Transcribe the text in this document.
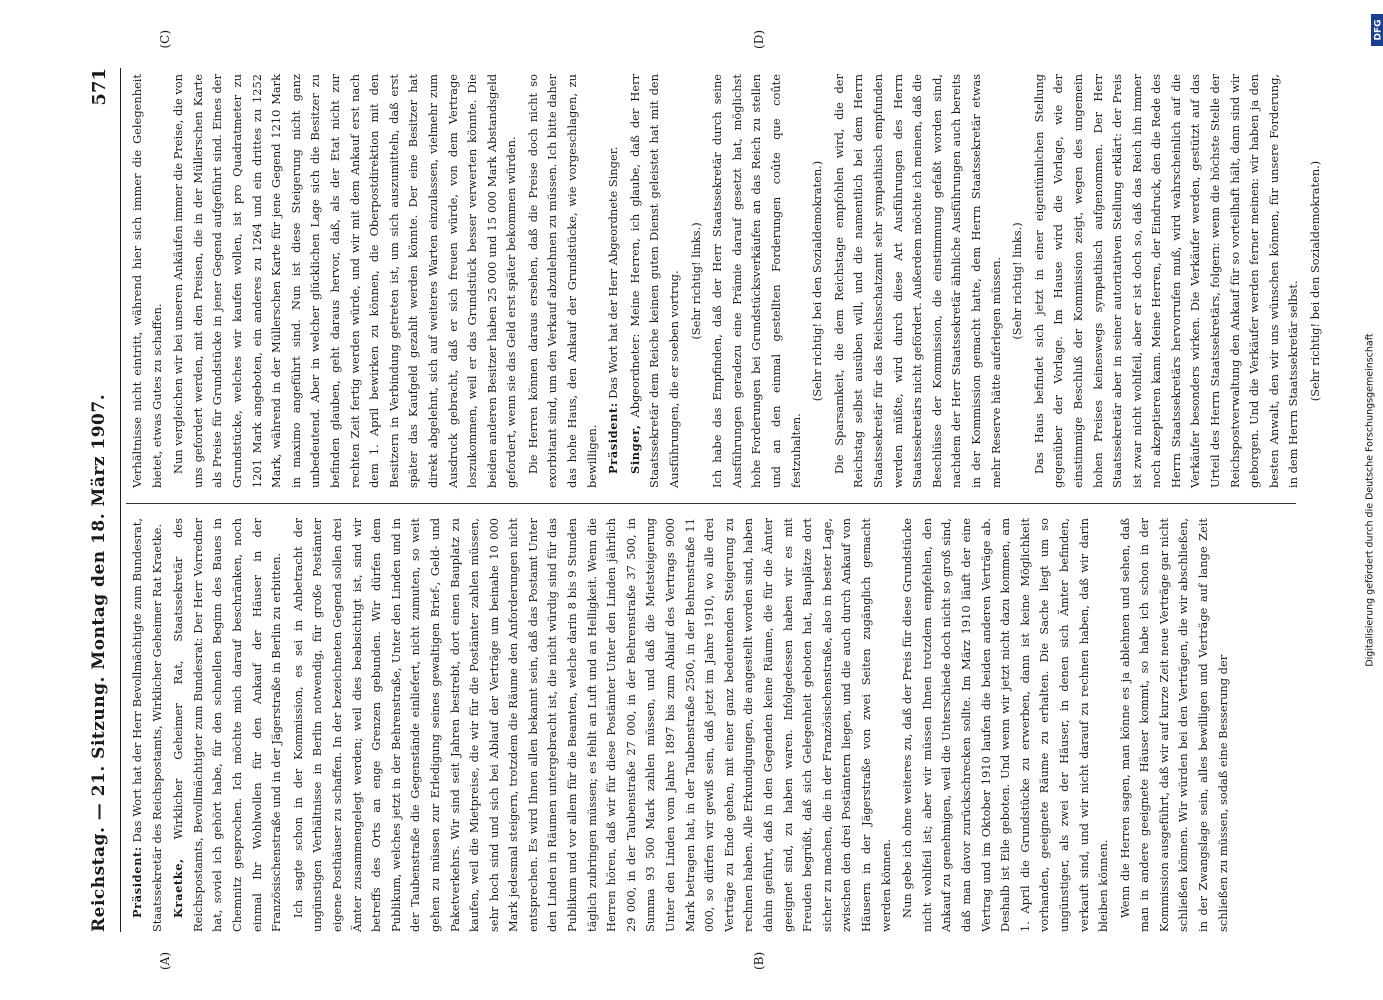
Reichstag. — 21. Sitzung. Montag den 18. März 1907.
571
(A)	(B)
(C)	(D)

Präsident: Das Wort hat der Herr Bevollmächtigte zum Bundesrat, Staatssekretär des Reichspostamts, Wirklicher Geheimer Rat Kraetke. Kraetke, Wirklicher Geheimer Rat, Staatssekretär des Reichspostamts, Bevollmächtigter zum Bundesrat: Der Herr Vorredner hat, soviel ich gehört habe, für den schnellen Beginn des Baues in Chemnitz gesprochen. Ich möchte mich darauf beschränken, noch einmal Ihr Wohlwollen für den Ankauf der Häuser in der Französischenstraße und in der Jägerstraße in Berlin zu erbitten. Ich sagte schon in der Kommission, es sei in Anbetracht der ungünstigen Verhältnisse in Berlin notwendig, für große Postämter eigene Posthäuser zu schaffen. In der bezeichneten Gegend sollen drei Ämter zusammengelegt werden; weil dies beabsichtigt ist, sind wir betreffs des Orts an enge Grenzen gebunden. Wir dürfen dem Publikum, welches jetzt in der Behrenstraße, Unter den Linden und in der Taubenstraße die Gegenstände einliefert, nicht zumuten, so weit gehen zu müssen zur Erledigung seines gewaltigen Brief-, Geld- und Paketverkehrs. Wir sind seit Jahren bestrebt, dort einen Bauplatz zu kaufen, weil die Mietpreise, die wir für die Postämter zahlen müssen, sehr hoch sind und sich bei Ablauf der Verträge um beinahe 10 000 Mark jedesmal steigern, trotzdem die Räume den Anforderungen nicht entsprechen. Es wird Ihnen allen bekannt sein, daß das Postamt Unter den Linden in Räumen untergebracht ist, die nicht würdig sind für das Publikum und vor allem für die Beamten, welche darin 8 bis 9 Stunden täglich zubringen müssen; es fehlt an Luft und an Helligkeit. Wenn die Herren hören, daß wir für diese Postämter Unter den Linden jährlich 29 000, in der Taubenstraße 27 000, in der Behrenstraße 37 500, in Summa 93 500 Mark zahlen müssen, und daß die Mietsteigerung Unter den Linden vom Jahre 1897 bis zum Ablauf des Vertrags 9000 Mark betragen hat, in der Taubenstraße 2500, in der Behrenstraße 11 000, so dürfen wir gewiß sein, daß jetzt im Jahre 1910, wo alle drei Verträge zu Ende gehen, mit einer ganz bedeutenden Steigerung zu rechnen haben. Alle Erkundigungen, die angestellt worden sind, haben dahin geführt, daß in den Gegenden keine Räume, die für die Ämter geeignet sind, zu haben waren. Infolgedessen haben wir es mit Freuden begrüßt, daß sich Gelegenheit geboten hat, Bauplätze dort sicher zu machen, die in der Französischenstraße, also in bester Lage, zwischen den drei Postämtern liegen, und die auch durch Ankauf von Häusern in der Jägerstraße von zwei Seiten zugänglich gemacht werden können. Nun gebe ich ohne weiteres zu, daß der Preis für diese Grundstücke nicht wohlfeil ist; aber wir müssen Ihnen trotzdem empfehlen, den Ankauf zu genehmigen, weil die Unterschiede doch nicht so groß sind, daß man davor zurückschrecken sollte. Im März 1910 läuft der eine Vertrag und im Oktober 1910 laufen die beiden anderen Verträge ab. Deshalb ist Eile geboten. Und wenn wir jetzt nicht dazu kommen, am 1. April die Grundstücke zu erwerben, dann ist keine Möglichkeit vorhanden, geeignete Räume zu erhalten. Die Sache liegt um so ungünstiger, als zwei der Häuser, in denen sich Ämter befinden, verkauft sind, und wir nicht darauf zu rechnen haben, daß wir darin bleiben können. Wenn die Herren sagen, man könne es ja ablehnen und sehen, daß man in andere geeignete Häuser kommt, so habe ich schon in der Kommission ausgeführt, daß wir auf kurze Zeit neue Verträge gar nicht schließen können. Wir würden bei den Verträgen, die wir abschließen, in der Zwangslage sein, alles bewilligen und Verträge auf lange Zeit schließen zu müssen, sodaß eine Besserung der

Verhältnisse nicht eintritt, während hier sich immer die Gelegenheit bietet, etwas Gutes zu schaffen. Nun vergleichen wir bei unseren Ankäufen immer die Preise, die von uns gefordert werden, mit den Preisen, die in der Müllerschen Karte als Preise für Grundstücke in jener Gegend aufgeführt sind. Eines der Grundstücke, welches wir kaufen wollen, ist pro Quadratmeter zu 1201 Mark angeboten, ein anderes zu 1264 und ein drittes zu 1252 Mark, während in der Müllerschen Karte für jene Gegend 1210 Mark in maximo angeführt sind. Nun ist diese Steigerung nicht ganz unbedeutend. Aber in welcher glücklichen Lage sich die Besitzer zu befinden glauben, geht daraus hervor, daß, als der Etat nicht zur rechten Zeit fertig werden würde, und wir mit dem Ankauf erst nach dem 1. April bewirken zu können, die Oberpostdirektion mit den Besitzern in Verbindung getreten ist, um sich auszumitteln, daß erst später das Kaufgeld gezahlt werden könnte. Der eine Besitzer hat direkt abgelehnt, sich auf weiteres Warten einzulassen, vielmehr zum Ausdruck gebracht, daß er sich freuen würde, von dem Vertrage loszukommen, weil er das Grundstück besser verwerten könnte. Die beiden anderen Besitzer haben 25 000 und 15 000 Mark Abstandsgeld gefordert, wenn sie das Geld erst später bekommen würden. Die Herren können daraus ersehen, daß die Preise doch nicht so exorbitant sind, um den Verkauf abzulehnen zu müssen. Ich bitte daher das hohe Haus, den Ankauf der Grundstücke, wie vorgeschlagen, zu bewilligen. Präsident: Das Wort hat der Herr Abgeordnete Singer.

Singer, Abgeordneter: Meine Herren, ich glaube, daß der Herr Staatssekretär dem Reiche keinen guten Dienst geleistet hat mit den Ausführungen, die er soeben vortrug. (Sehr richtig! links.) Ich habe das Empfinden, daß der Herr Staatssekretär durch seine Ausführungen geradezu eine Prämie darauf gesetzt hat, möglichst hohe Forderungen bei Grundstücksverkäufen an das Reich zu stellen und an den einmal gestellten Forderungen coûte que coûte festzuhalten.

(Sehr richtig! bei den Sozialdemokraten.) Die Sparsamkeit, die dem Reichstage empfohlen wird, die der Reichstag selbst ausüben will, und die namentlich bei dem Herrn Staatssekretär für das Reichsschatzamt sehr sympathisch empfunden werden müßte, wird durch diese Art Ausführungen des Herrn Staatssekretärs nicht gefördert. Außerdem möchte ich meinen, daß die Beschlüsse der Kommission, die einstimmung gefaßt worden sind, nachdem der Herr Staatssekretär ähnliche Ausführungen auch bereits in der Kommission gemacht hatte, dem Herrn Staatssekretär etwas mehr Reserve hätte auferlegen müssen. (Sehr richtig! links.) Das Haus befindet sich jetzt in einer eigentümlichen Stellung gegenüber der Vorlage. Im Hause wird die Vorlage, wie der einstimmige Beschluß der Kommission zeigt, wegen des ungemein hohen Preises keineswegs sympathisch aufgenommen. Der Herr Staatssekretär aber in seiner autoritativen Stellung erklärt: der Preis ist zwar nicht wohlfeil, aber er ist doch so, daß das Reich ihn immer noch akzeptieren kann. Meine Herren, der Eindruck, den die Rede des Herrn Staatssekretärs hervorrufen muß, wird wahrscheinlich auf die Verkäufer besonders wirken. Die Verkäufer werden, gestützt auf das Urteil des Herrn Staatssekretärs, folgern: wenn die höchste Stelle der Reichspostverwaltung den Ankauf für so vorteilhaft hält, dann sind wir geborgen. Und die Verkäufer werden ferner meinen: wir haben ja den besten Anwalt, den wir uns wünschen können, für unsere Forderung, in dem Herrn Staatssekretär selbst. (Sehr richtig! bei den Sozialdemokraten.)

Digitalisierung gefördert durch die Deutsche Forschungsgemeinschaft
DFG
